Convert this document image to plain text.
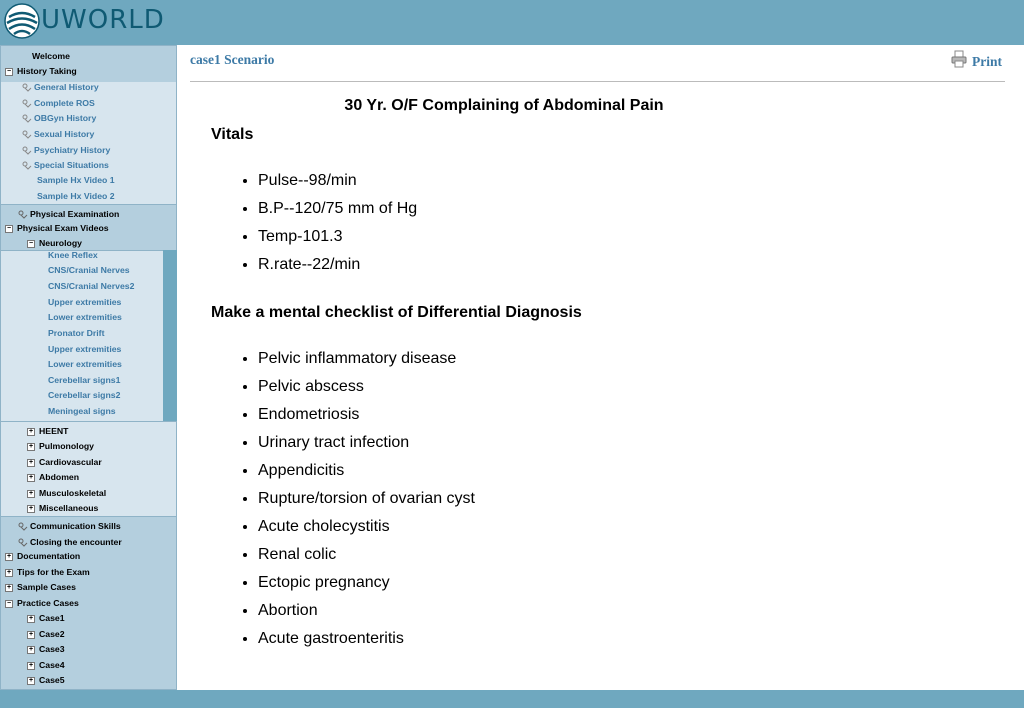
UWORLD
Welcome
− History Taking
General History
Complete ROS
OBGyn History
Sexual History
Psychiatry History
Special Situations
Sample Hx Video 1
Sample Hx Video 2
Physical Examination
− Physical Exam Videos
− Neurology
Knee Reflex
CNS/Cranial Nerves
CNS/Cranial Nerves2
Upper extremities
Lower extremities
Pronator Drift
Upper extremities
Lower extremities
Cerebellar signs1
Cerebellar signs2
Meningeal signs
+ HEENT
+ Pulmonology
+ Cardiovascular
+ Abdomen
+ Musculoskeletal
+ Miscellaneous
Communication Skills
Closing the encounter
+ Documentation
+ Tips for the Exam
+ Sample Cases
− Practice Cases
+ Case1
+ Case2
+ Case3
+ Case4
+ Case5
case1 Scenario	Print
30 Yr. O/F Complaining of Abdominal Pain
Vitals
• Pulse--98/min
• B.P--120/75 mm of Hg
• Temp-101.3
• R.rate--22/min
Make a mental checklist of Differential Diagnosis
• Pelvic inflammatory disease
• Pelvic abscess
• Endometriosis
• Urinary tract infection
• Appendicitis
• Rupture/torsion of ovarian cyst
• Acute cholecystitis
• Renal colic
• Ectopic pregnancy
• Abortion
• Acute gastroenteritis
